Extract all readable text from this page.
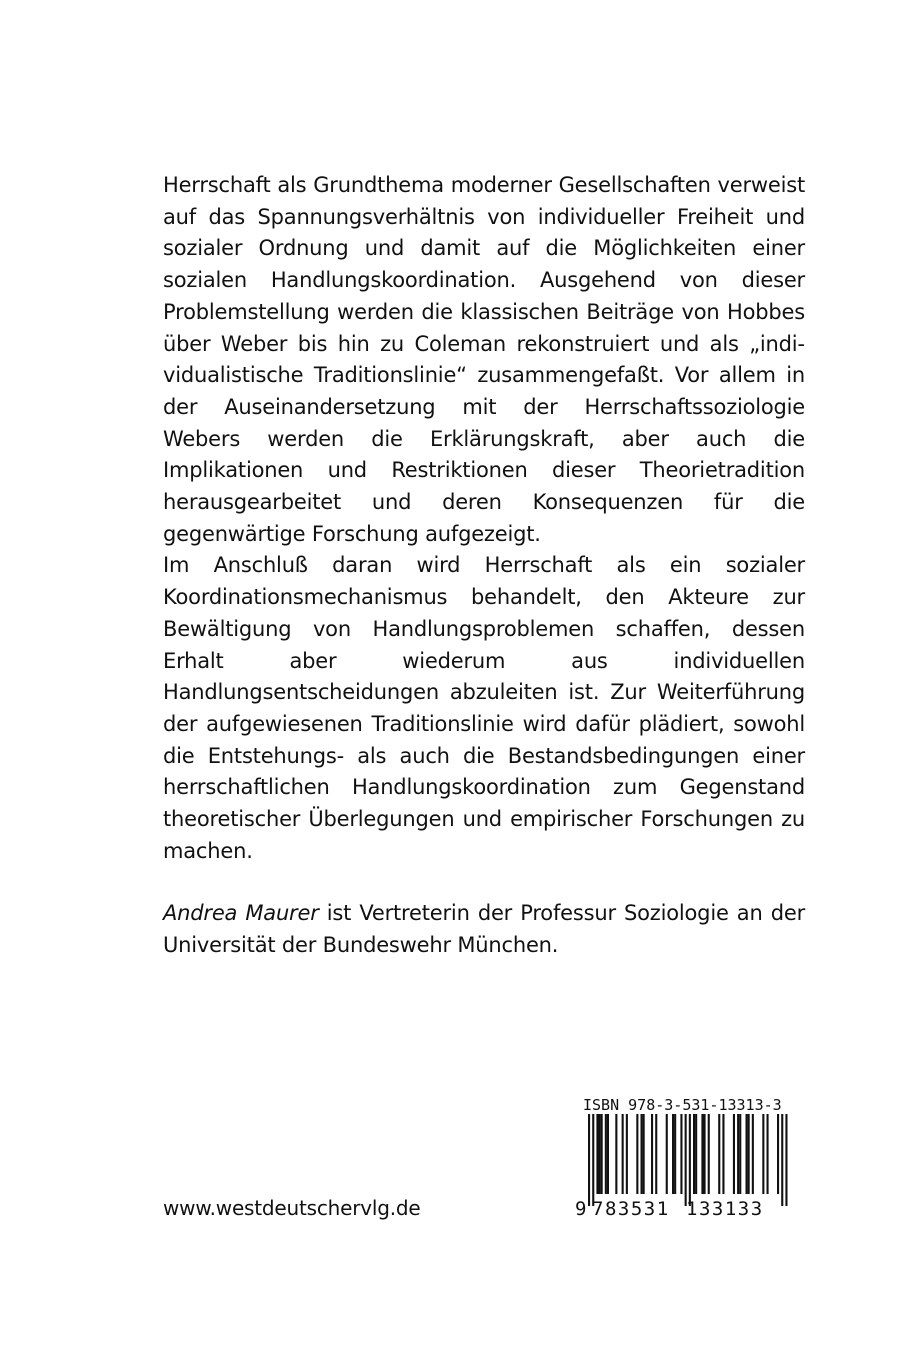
Herrschaft als Grundthema moderner Gesellschaften verweist auf das Spannungsverhältnis von individueller Freiheit und sozialer Ordnung und damit auf die Möglichkeiten einer sozialen Handlungskoordination. Ausgehend von dieser Problemstellung werden die klassischen Beiträge von Hobbes über Weber bis hin zu Coleman rekonstruiert und als „individualistische Traditionslinie“ zusammengefaßt. Vor allem in der Auseinandersetzung mit der Herrschaftssoziologie Webers werden die Erklärungskraft, aber auch die Implikationen und Restriktionen dieser Theorietradition herausgearbeitet und deren Konsequenzen für die gegenwärtige Forschung aufgezeigt.

Im Anschluß daran wird Herrschaft als ein sozialer Koordinationsmechanismus behandelt, den Akteure zur Bewältigung von Handlungsproblemen schaffen, dessen Erhalt aber wiederum aus individuellen Handlungsentscheidungen abzuleiten ist. Zur Weiterführung der aufgewiesenen Traditionslinie wird dafür plädiert, sowohl die Entstehungs- als auch die Bestandsbedingungen einer herrschaftlichen Handlungskoordination zum Gegenstand theoretischer Überlegungen und empirischer Forschungen zu machen.

Andrea Maurer ist Vertreterin der Professur Soziologie an der Universität der Bundeswehr München.

www.westdeutschervlg.de
ISBN 978-3-531-13313-3
9 783531 133133
